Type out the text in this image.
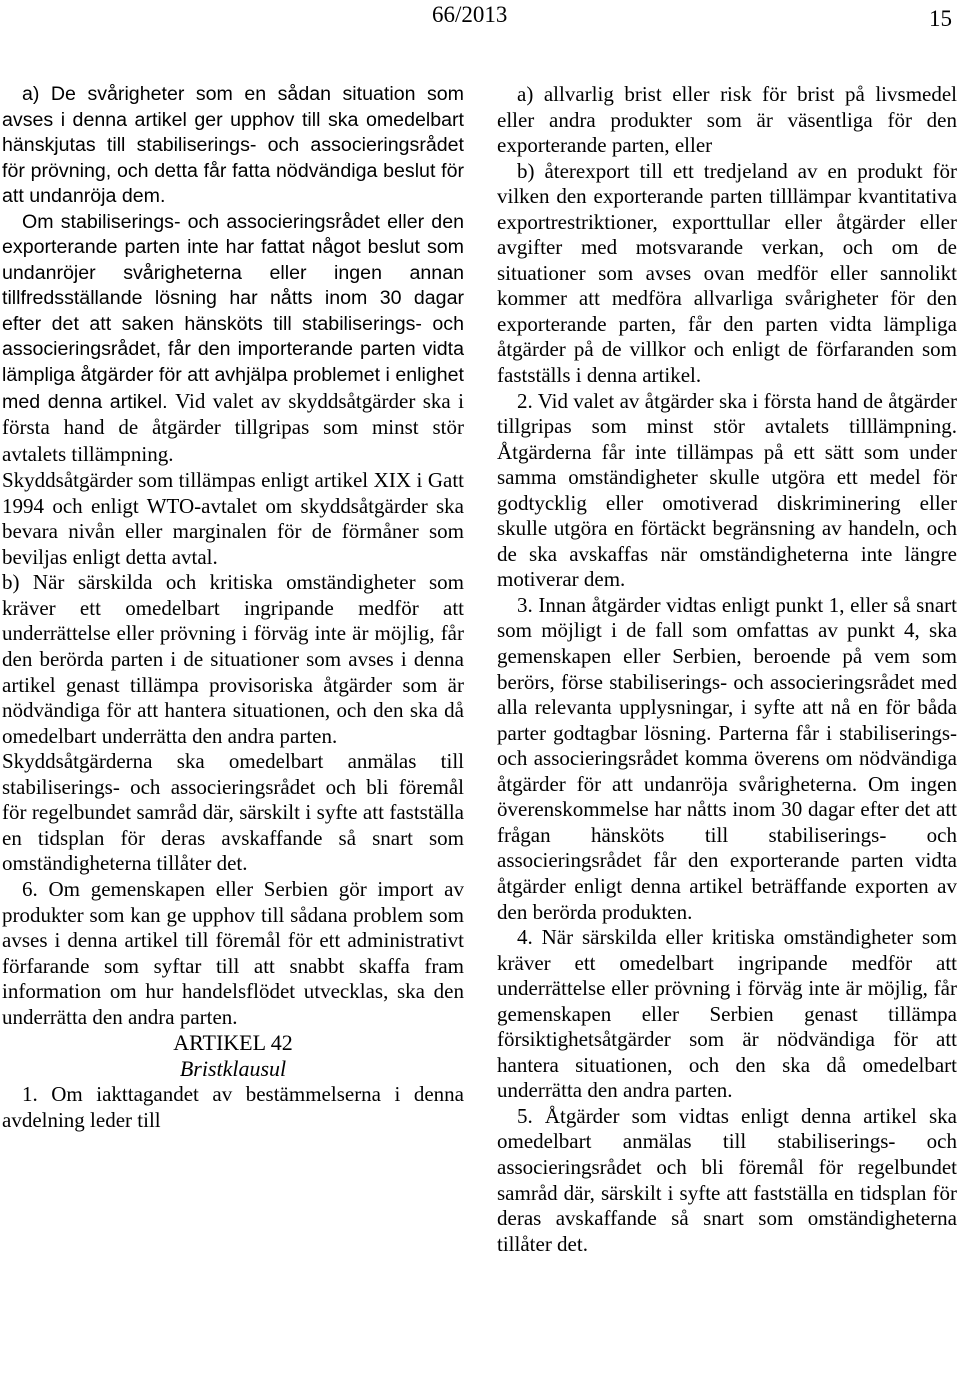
66/2013	15

a) De svårigheter som en sådan situation som avses i denna artikel ger upphov till ska omedelbart hänskjutas till stabiliserings- och associeringsrådet för prövning, och detta får fatta nödvändiga beslut för att undanröja dem.

Om stabiliserings- och associeringsrådet eller den exporterande parten inte har fattat något beslut som undanröjer svårigheterna eller ingen annan tillfredsställande lösning har nåtts inom 30 dagar efter det att saken hänsköts till stabiliserings- och associeringsrådet, får den importerande parten vidta lämpliga åtgärder för att avhjälpa problemet i enlighet med denna artikel. Vid valet av skyddsåtgärder ska i första hand de åtgärder tillgripas som minst stör avtalets tillämpning.

Skyddsåtgärder som tillämpas enligt artikel XIX i Gatt 1994 och enligt WTO-avtalet om skyddsåtgärder ska bevara nivån eller marginalen för de förmåner som beviljas enligt detta avtal.

b) När särskilda och kritiska omständigheter som kräver ett omedelbart ingripande medför att underrättelse eller prövning i förväg inte är möjlig, får den berörda parten i de situationer som avses i denna artikel genast tillämpa provisoriska åtgärder som är nödvändiga för att hantera situationen, och den ska då omedelbart underrätta den andra parten.

Skyddsåtgärderna ska omedelbart anmälas till stabiliserings- och associeringsrådet och bli föremål för regelbundet samråd där, särskilt i syfte att fastställa en tidsplan för deras avskaffande så snart som omständigheterna tillåter det.

6. Om gemenskapen eller Serbien gör import av produkter som kan ge upphov till sådana problem som avses i denna artikel till föremål för ett administrativt förfarande som syftar till att snabbt skaffa fram information om hur handelsflödet utvecklas, ska den underrätta den andra parten.

ARTIKEL 42

Bristklausul

1. Om iakttagandet av bestämmelserna i denna avdelning leder till

a) allvarlig brist eller risk för brist på livsmedel eller andra produkter som är väsentliga för den exporterande parten, eller

b) återexport till ett tredjeland av en produkt för vilken den exporterande parten tilllämpar kvantitativa exportrestriktioner, exporttullar eller åtgärder eller avgifter med motsvarande verkan, och om de situationer som avses ovan medför eller sannolikt kommer att medföra allvarliga svårigheter för den exporterande parten, får den parten vidta lämpliga åtgärder på de villkor och enligt de förfaranden som fastställs i denna artikel.

2. Vid valet av åtgärder ska i första hand de åtgärder tillgripas som minst stör avtalets tilllämpning. Åtgärderna får inte tillämpas på ett sätt som under samma omständigheter skulle utgöra ett medel för godtycklig eller omotiverad diskriminering eller skulle utgöra en förtäckt begränsning av handeln, och de ska avskaffas när omständigheterna inte längre motiverar dem.

3. Innan åtgärder vidtas enligt punkt 1, eller så snart som möjligt i de fall som omfattas av punkt 4, ska gemenskapen eller Serbien, beroende på vem som berörs, förse stabiliserings- och associeringsrådet med alla relevanta upplysningar, i syfte att nå en för båda parter godtagbar lösning. Parterna får i stabiliserings- och associeringsrådet komma överens om nödvändiga åtgärder för att undanröja svårigheterna. Om ingen överenskommelse har nåtts inom 30 dagar efter det att frågan hänsköts till stabiliserings- och associeringsrådet får den exporterande parten vidta åtgärder enligt denna artikel beträffande exporten av den berörda produkten.

4. När särskilda eller kritiska omständigheter som kräver ett omedelbart ingripande medför att underrättelse eller prövning i förväg inte är möjlig, får gemenskapen eller Serbien genast tillämpa försiktighetsåtgärder som är nödvändiga för att hantera situationen, och den ska då omedelbart underrätta den andra parten.

5. Åtgärder som vidtas enligt denna artikel ska omedelbart anmälas till stabiliserings- och associeringsrådet och bli föremål för regelbundet samråd där, särskilt i syfte att fastställa en tidsplan för deras avskaffande så snart som omständigheterna tillåter det.
